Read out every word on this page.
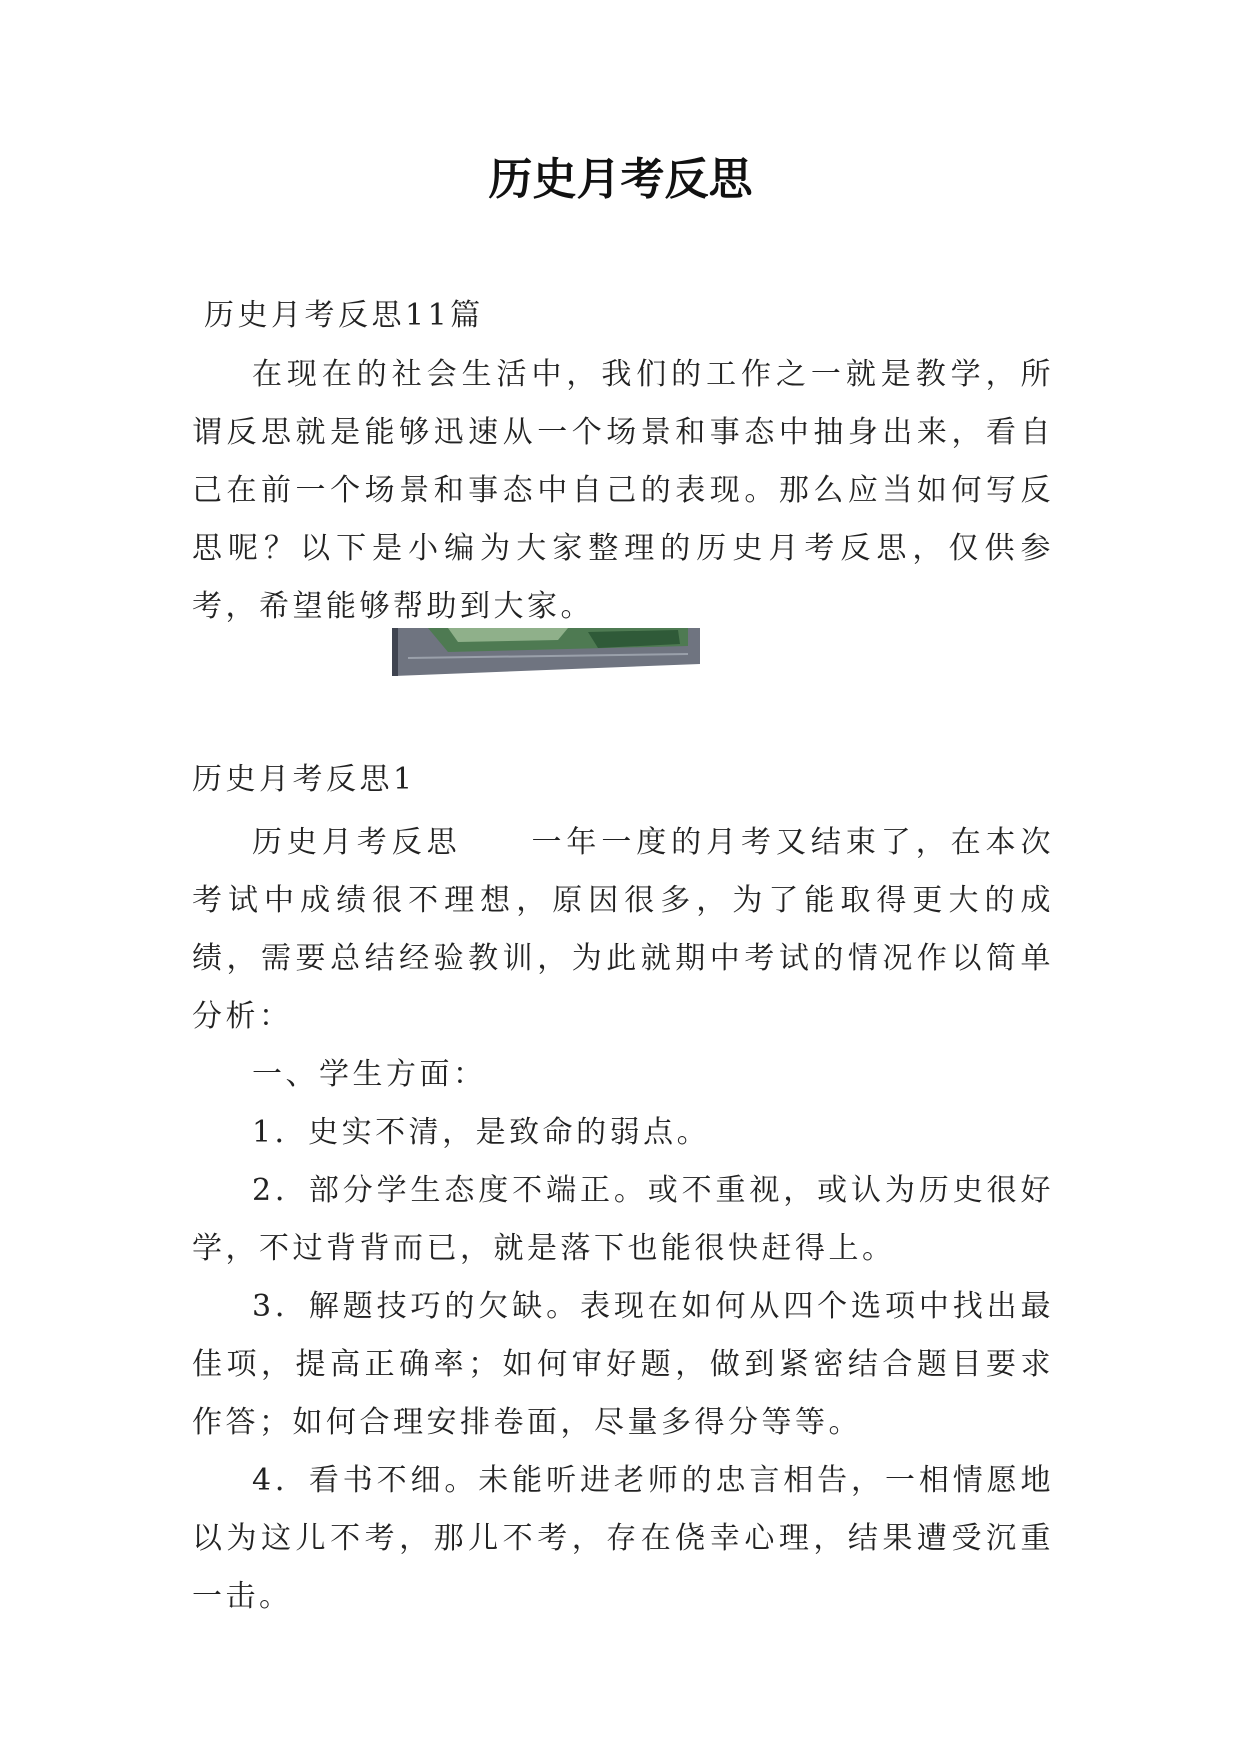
历史月考反思

历史月考反思11篇

在现在的社会生活中，我们的工作之一就是教学，所谓反思就是能够迅速从一个场景和事态中抽身出来，看自己在前一个场景和事态中自己的表现。那么应当如何写反思呢？以下是小编为大家整理的历史月考反思，仅供参考，希望能够帮助到大家。

历史月考反思1

历史月考反思　　一年一度的月考又结束了，在本次考试中成绩很不理想，原因很多，为了能取得更大的成绩，需要总结经验教训，为此就期中考试的情况作以简单分析：

一、学生方面：

1．史实不清，是致命的弱点。

2．部分学生态度不端正。或不重视，或认为历史很好学，不过背背而已，就是落下也能很快赶得上。

3．解题技巧的欠缺。表现在如何从四个选项中找出最佳项，提高正确率；如何审好题，做到紧密结合题目要求作答；如何合理安排卷面，尽量多得分等等。

4．看书不细。未能听进老师的忠言相告，一相情愿地以为这儿不考，那儿不考，存在侥幸心理，结果遭受沉重一击。
